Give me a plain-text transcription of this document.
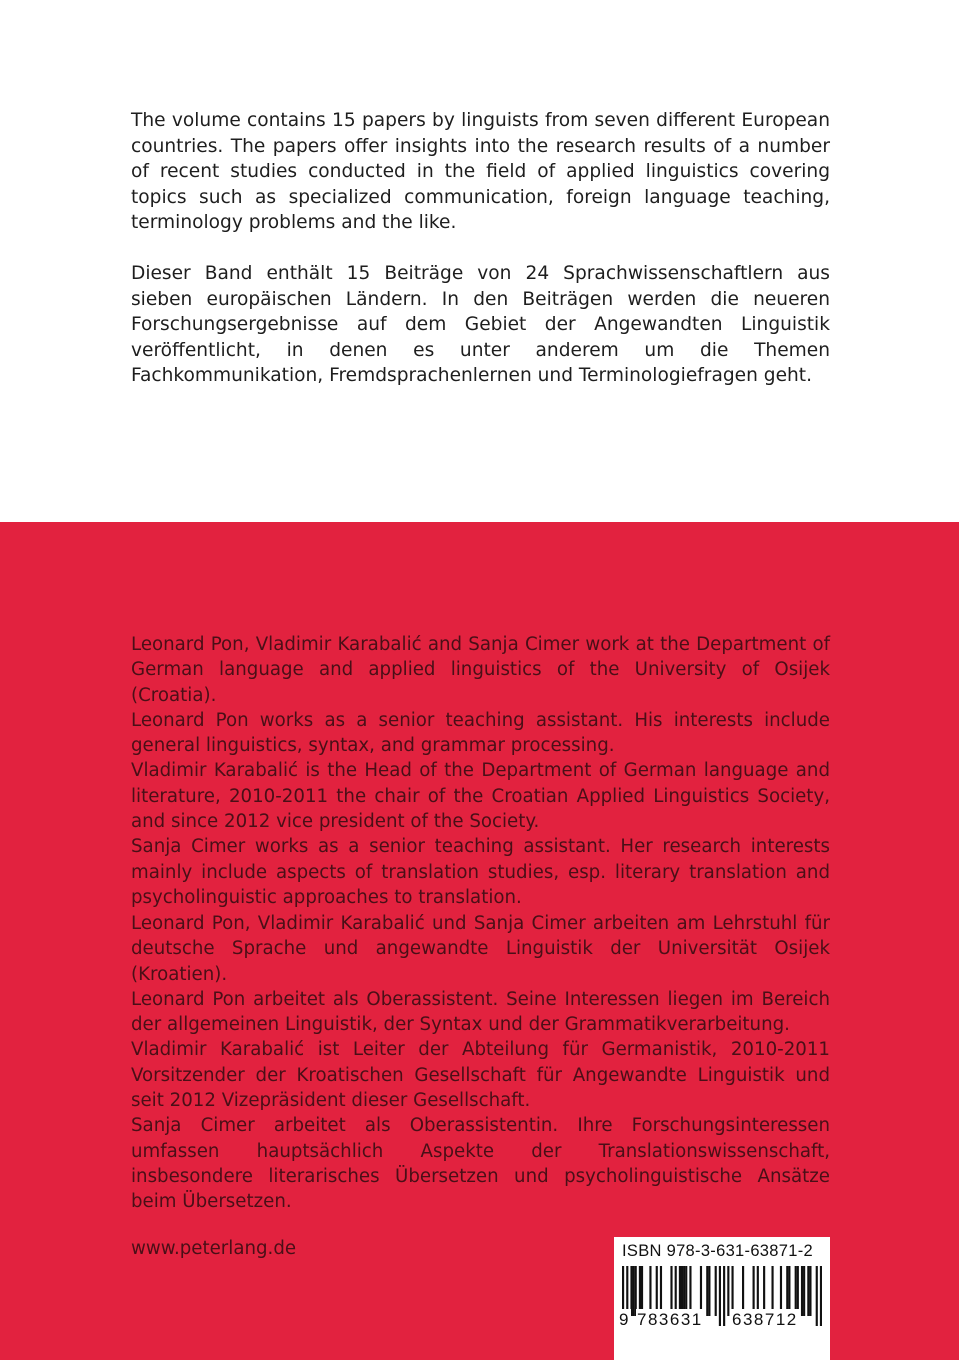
The volume contains 15 papers by linguists from seven different European countries. The papers offer insights into the research results of a number of recent studies conducted in the field of applied linguistics covering topics such as specialized communication, foreign language teaching, terminology problems and the like.

Dieser Band enthält 15 Beiträge von 24 Sprachwissenschaftlern aus sieben europäischen Ländern. In den Beiträgen werden die neueren Forschungsergebnisse auf dem Gebiet der Angewandten Linguistik veröffentlicht, in denen es unter anderem um die Themen Fachkommunikation, Fremdsprachenlernen und Terminologiefragen geht.

Leonard Pon, Vladimir Karabalić and Sanja Cimer work at the Department of German language and applied linguistics of the University of Osijek (Croatia).

Leonard Pon works as a senior teaching assistant. His interests include general linguistics, syntax, and grammar processing.

Vladimir Karabalić is the Head of the Department of German language and literature, 2010-2011 the chair of the Croatian Applied Linguistics Society, and since 2012 vice president of the Society.

Sanja Cimer works as a senior teaching assistant. Her research interests mainly include aspects of translation studies, esp. literary translation and psycholinguistic approaches to translation.

Leonard Pon, Vladimir Karabalić und Sanja Cimer arbeiten am Lehrstuhl für deutsche Sprache und angewandte Linguistik der Universität Osijek (Kroatien).

Leonard Pon arbeitet als Oberassistent. Seine Interessen liegen im Bereich der allgemeinen Linguistik, der Syntax und der Grammatikverarbeitung.

Vladimir Karabalić ist Leiter der Abteilung für Germanistik, 2010-2011 Vorsitzender der Kroatischen Gesellschaft für Angewandte Linguistik und seit 2012 Vizepräsident dieser Gesellschaft.

Sanja Cimer arbeitet als Oberassistentin. Ihre Forschungsinteressen umfassen hauptsächlich Aspekte der Translationswissenschaft, insbesondere literarisches Übersetzen und psycholinguistische Ansätze beim Übersetzen.

www.peterlang.de	ISBN 978-3-631-63871-2
9 783631 638712
